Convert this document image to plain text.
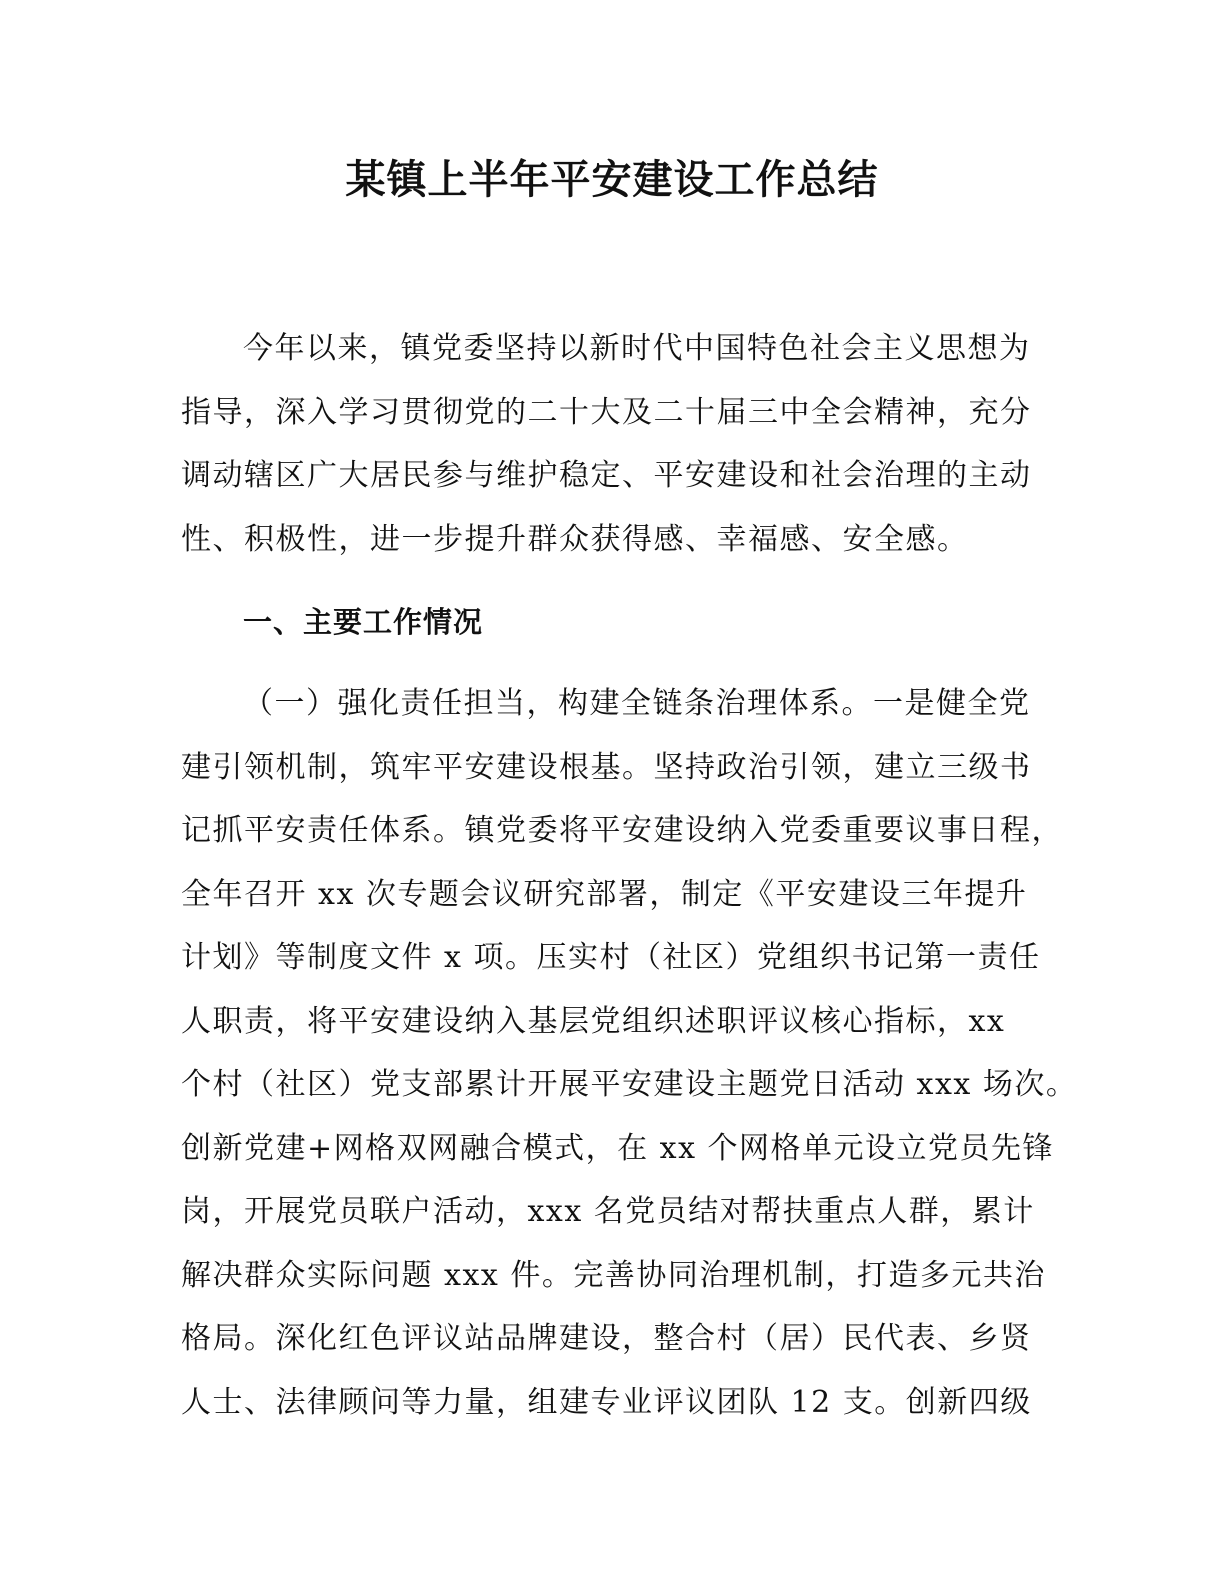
某镇上半年平安建设工作总结
今年以来，镇党委坚持以新时代中国特色社会主义思想为
指导，深入学习贯彻党的二十大及二十届三中全会精神，充分
调动辖区广大居民参与维护稳定、平安建设和社会治理的主动
性、积极性，进一步提升群众获得感、幸福感、安全感。
一、主要工作情况
（一）强化责任担当，构建全链条治理体系。一是健全党
建引领机制，筑牢平安建设根基。坚持政治引领，建立三级书
记抓平安责任体系。镇党委将平安建设纳入党委重要议事日程，
全年召开 xx 次专题会议研究部署，制定《平安建设三年提升
计划》等制度文件 x 项。压实村（社区）党组织书记第一责任
人职责，将平安建设纳入基层党组织述职评议核心指标，xx
个村（社区）党支部累计开展平安建设主题党日活动 xxx 场次。
创新党建+网格双网融合模式，在 xx 个网格单元设立党员先锋
岗，开展党员联户活动，xxx 名党员结对帮扶重点人群，累计
解决群众实际问题 xxx 件。完善协同治理机制，打造多元共治
格局。深化红色评议站品牌建设，整合村（居）民代表、乡贤
人士、法律顾问等力量，组建专业评议团队 12 支。创新四级
